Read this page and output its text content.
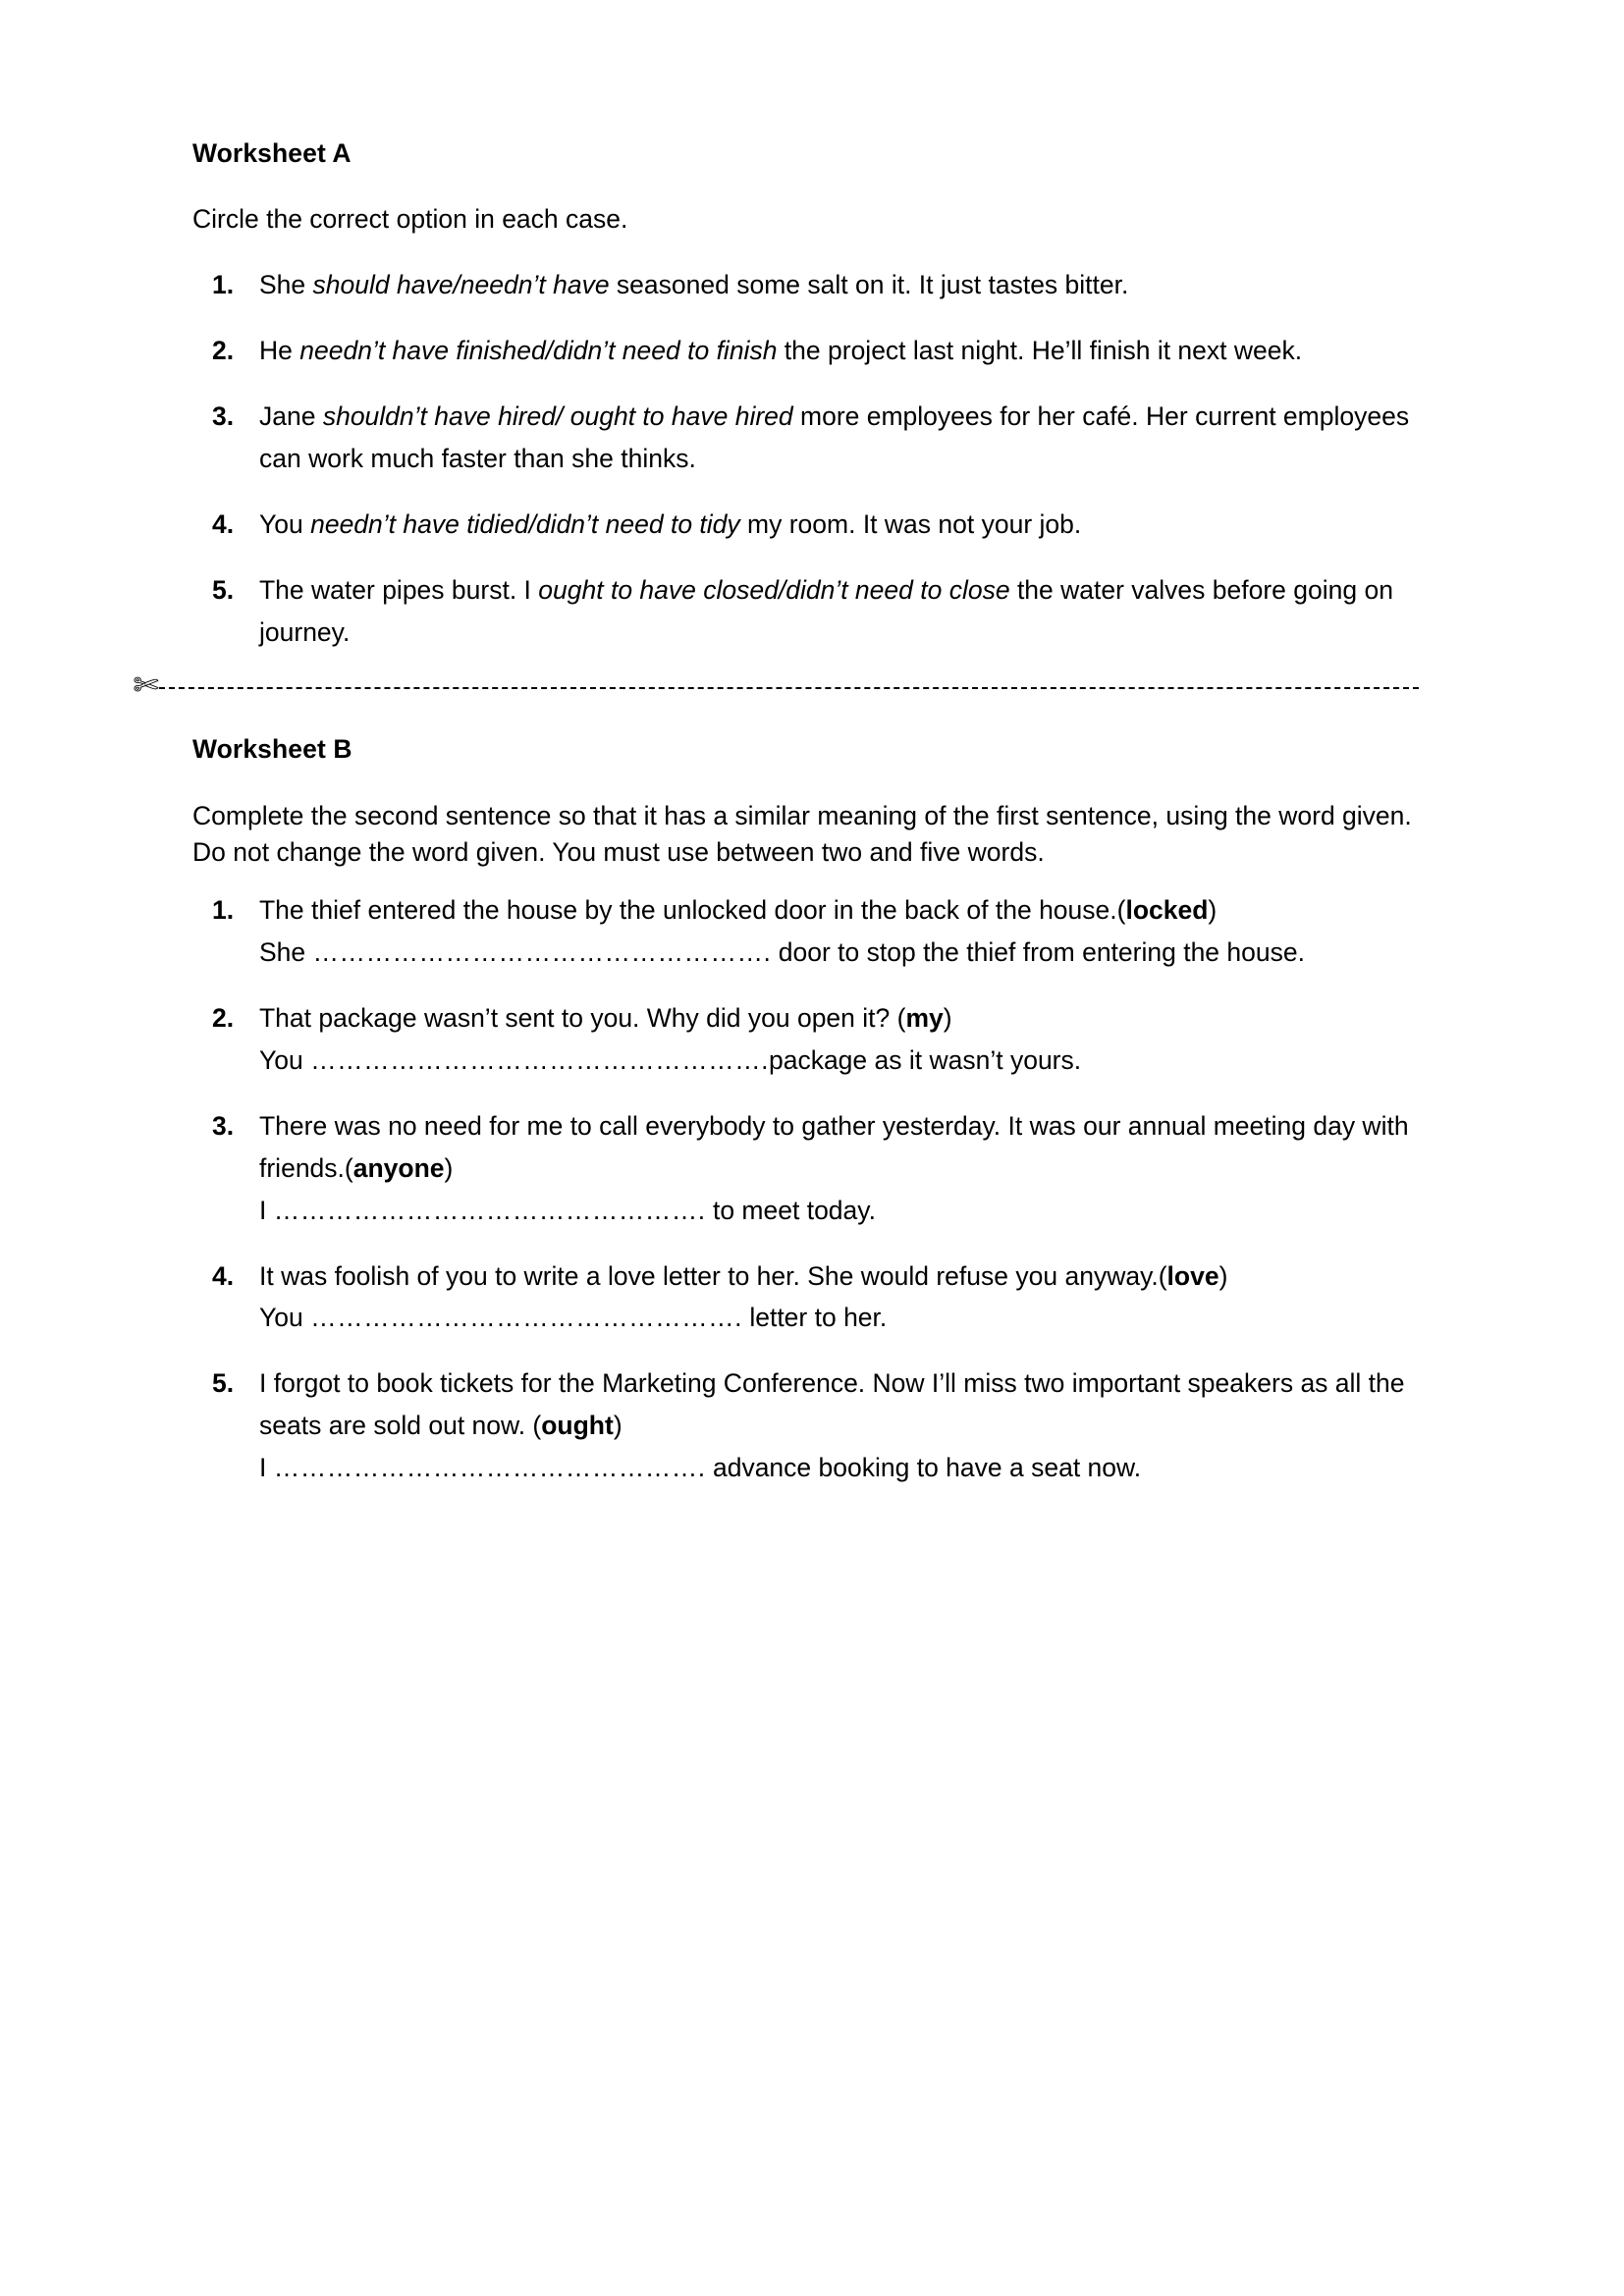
Worksheet A
Circle the correct option in each case.
1. She should have/needn’t have seasoned some salt on it. It just tastes bitter.
2. He needn’t have finished/didn’t need to finish the project last night. He’ll finish it next week.
3. Jane shouldn’t have hired/ ought to have hired more employees for her café. Her current employees can work much faster than she thinks.
4. You needn’t have tidied/didn’t need to tidy my room. It was not your job.
5. The water pipes burst. I ought to have closed/didn’t need to close the water valves before going on journey.
✄
Worksheet B
Complete the second sentence so that it has a similar meaning of the first sentence, using the word given. Do not change the word given. You must use between two and five words.
1. The thief entered the house by the unlocked door in the back of the house.(locked)
She ……………………………………………. door to stop the thief from entering the house.
2. That package wasn’t sent to you. Why did you open it? (my)
You …………………………………………….package as it wasn’t yours.
3. There was no need for me to call everybody to gather yesterday. It was our annual meeting day with friends.(anyone)
I …………………………………………. to meet today.
4. It was foolish of you to write a love letter to her. She would refuse you anyway.(love)
You …………………………………………. letter to her.
5. I forgot to book tickets for the Marketing Conference. Now I’ll miss two important speakers as all the seats are sold out now. (ought)
I …………………………………………. advance booking to have a seat now.
